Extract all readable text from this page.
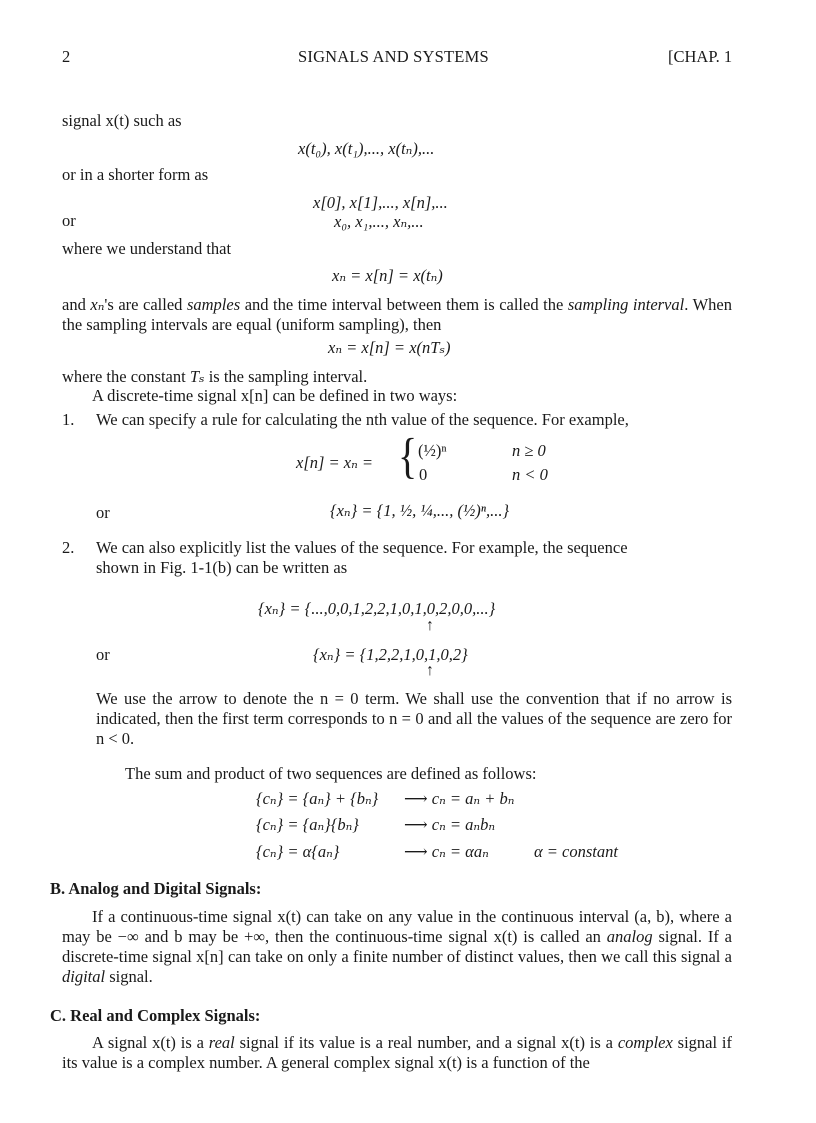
2	SIGNALS AND SYSTEMS	[CHAP. 1
signal x(t) such as
x(t₀), x(t₁),..., x(tₙ),...
or in a shorter form as
x[0], x[1],..., x[n],...
or	x₀, x₁,..., xₙ,...
where we understand that
xₙ = x[n] = x(tₙ)
and xₙ's are called samples and the time interval between them is called the sampling interval. When the sampling intervals are equal (uniform sampling), then
xₙ = x[n] = x(nTₛ)
where the constant Tₛ is the sampling interval.
A discrete-time signal x[n] can be defined in two ways:
1. We can specify a rule for calculating the nth value of the sequence. For example,
x[n] = xₙ = { (½)ⁿ	n ≥ 0
0	n < 0
or	{xₙ} = {1, ½, ¼,..., (½)ⁿ,...}
2. We can also explicitly list the values of the sequence. For example, the sequence
shown in Fig. 1-1(b) can be written as
{xₙ} = {...,0,0,1,2,2,1,0,1,0,2,0,0,...}
↑
or	{xₙ} = {1,2,2,1,0,1,0,2}
↑
We use the arrow to denote the n = 0 term. We shall use the convention that if no arrow is indicated, then the first term corresponds to n = 0 and all the values of the sequence are zero for n < 0.
The sum and product of two sequences are defined as follows:
{cₙ} = {aₙ} + {bₙ} ⟶ cₙ = aₙ + bₙ
{cₙ} = {aₙ}{bₙ}	⟶ cₙ = aₙbₙ
{cₙ} = α{aₙ}	⟶ cₙ = αaₙ	α = constant
B. Analog and Digital Signals:
If a continuous-time signal x(t) can take on any value in the continuous interval (a, b), where a may be −∞ and b may be +∞, then the continuous-time signal x(t) is called an analog signal. If a discrete-time signal x[n] can take on only a finite number of distinct values, then we call this signal a digital signal.
C. Real and Complex Signals:
A signal x(t) is a real signal if its value is a real number, and a signal x(t) is a complex signal if its value is a complex number. A general complex signal x(t) is a function of the
